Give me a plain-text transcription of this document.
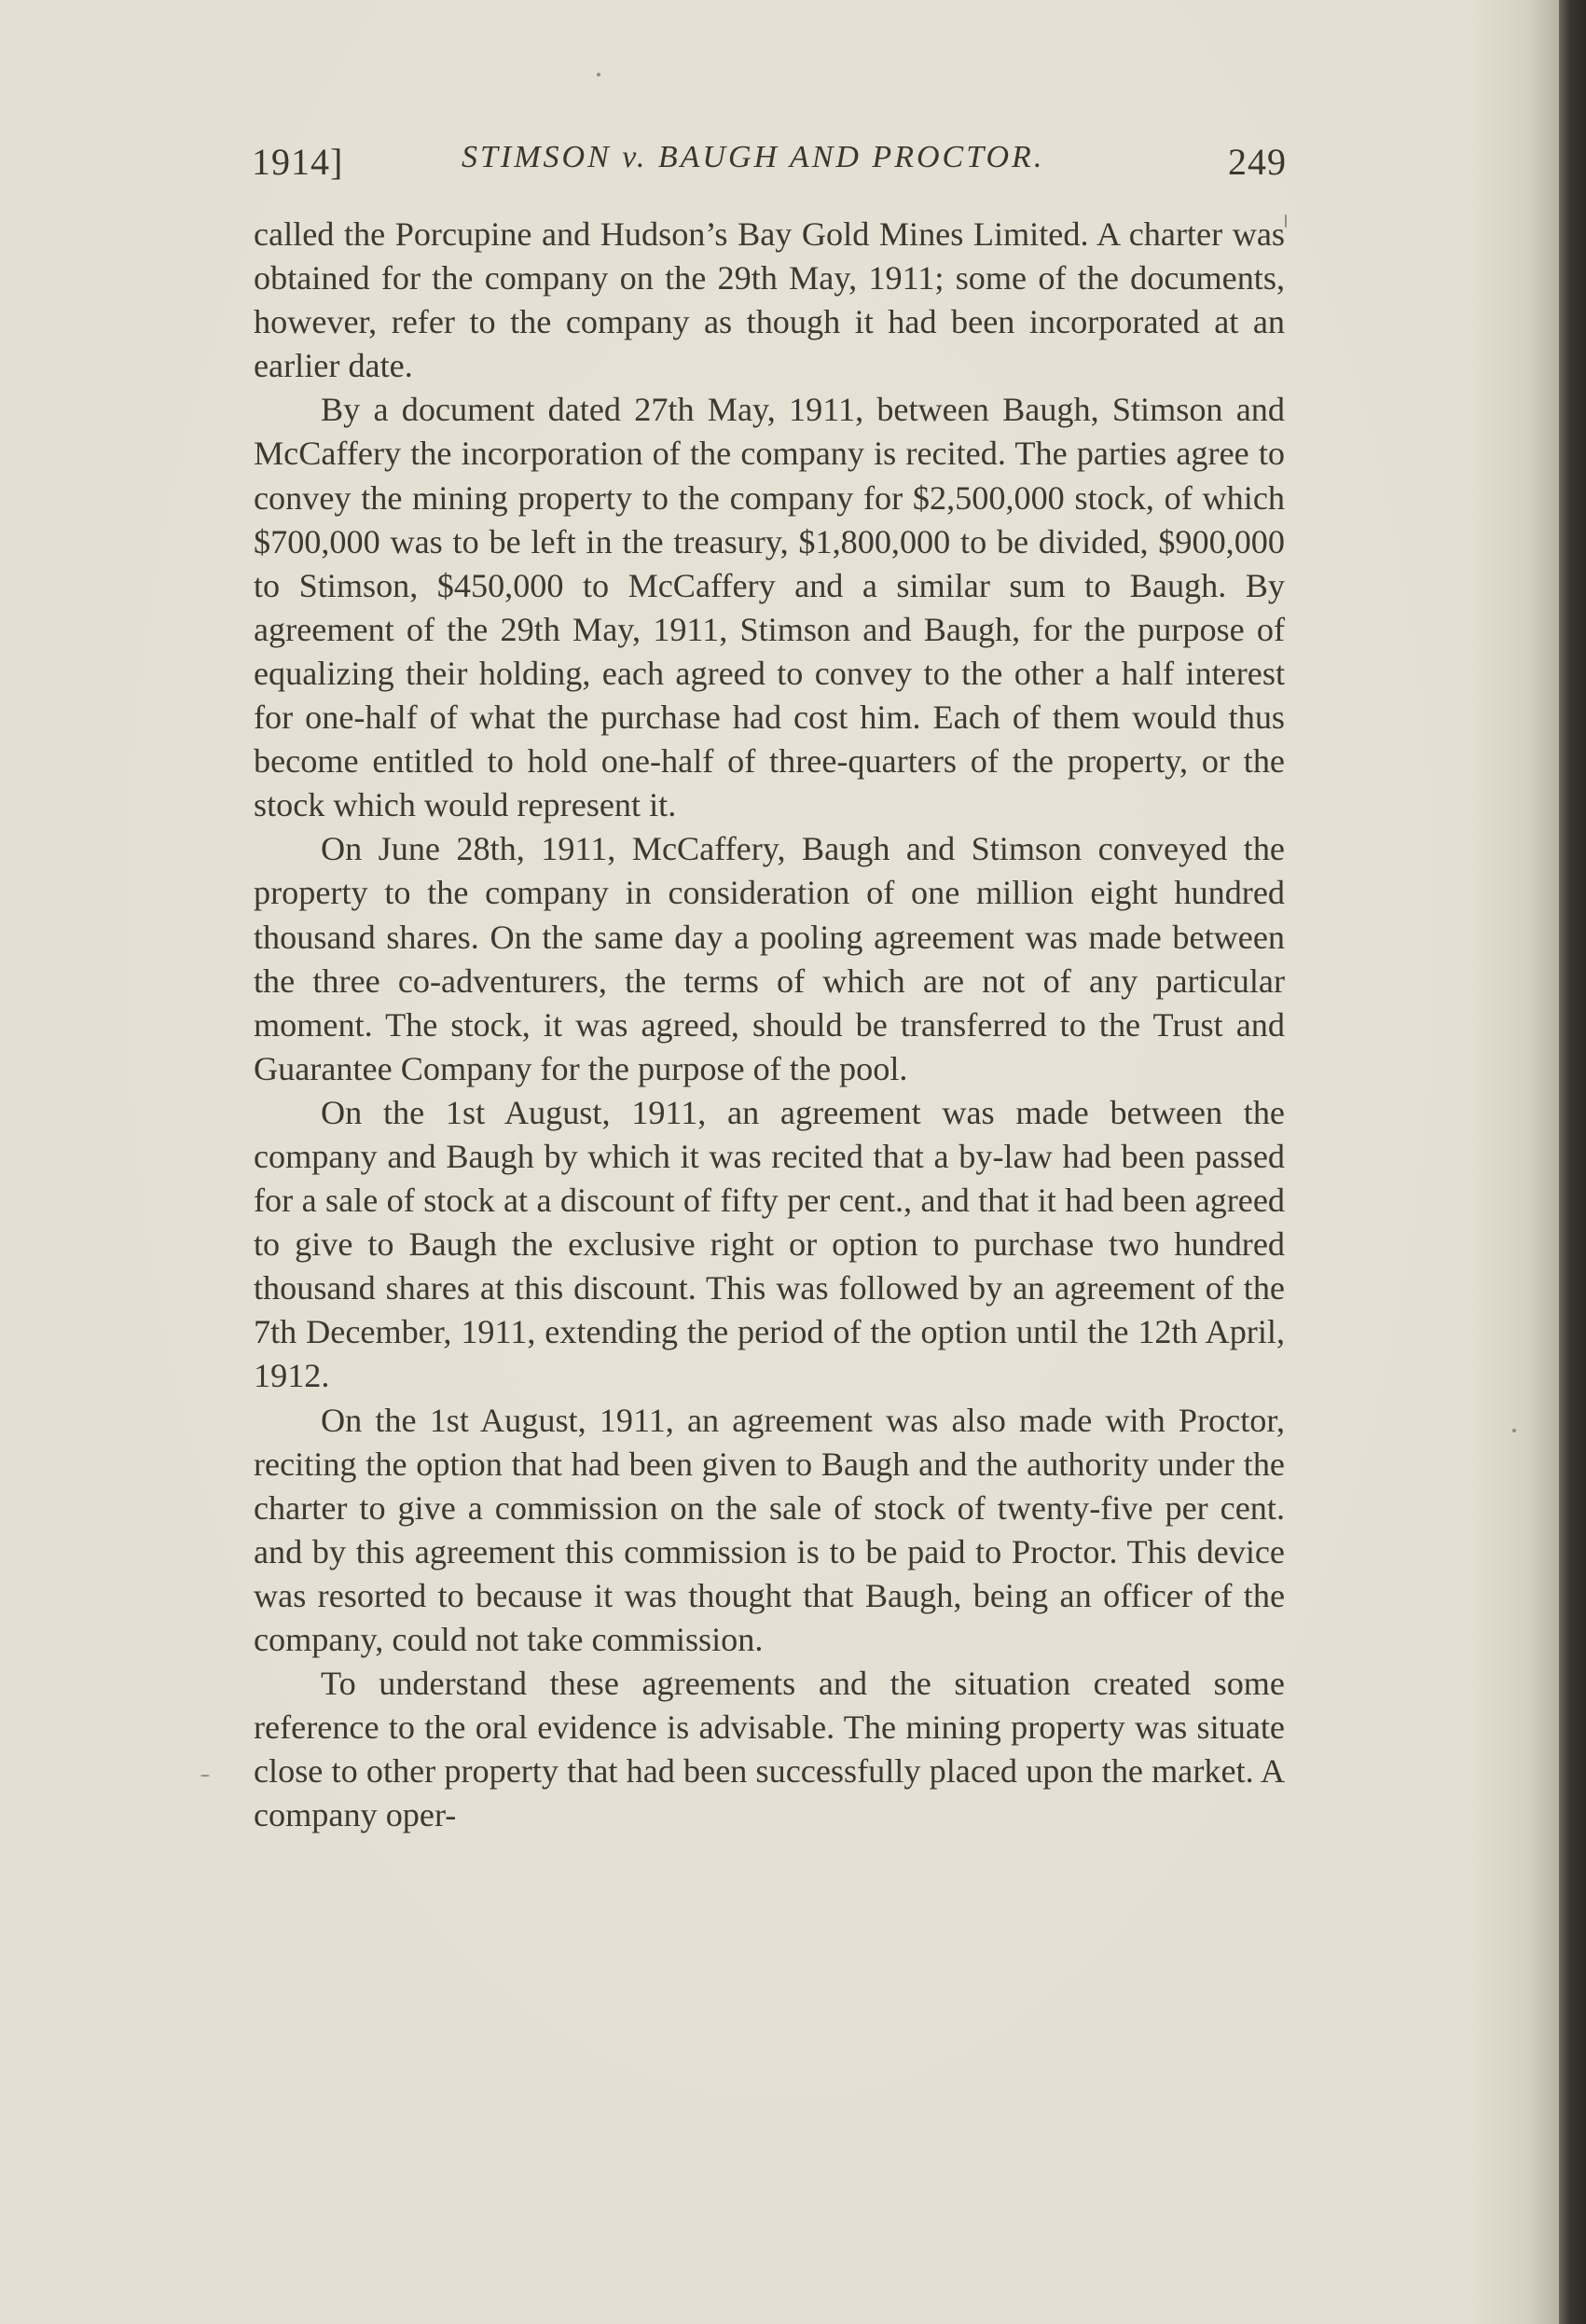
1914]	STIMSON v. BAUGH AND PROCTOR.	249

called the Porcupine and Hudson’s Bay Gold Mines Limited. A charter was obtained for the company on the 29th May, 1911; some of the documents, however, refer to the company as though it had been incorporated at an earlier date.

By a document dated 27th May, 1911, between Baugh, Stimson and McCaffery the incorporation of the company is recited. The parties agree to convey the mining property to the company for $2,500,000 stock, of which $700,000 was to be left in the treasury, $1,800,000 to be divided, $900,000 to Stimson, $450,000 to McCaffery and a similar sum to Baugh. By agreement of the 29th May, 1911, Stimson and Baugh, for the purpose of equalizing their holding, each agreed to convey to the other a half interest for one-half of what the purchase had cost him. Each of them would thus become entitled to hold one-half of three-quarters of the property, or the stock which would represent it.

On June 28th, 1911, McCaffery, Baugh and Stimson conveyed the property to the company in consideration of one million eight hundred thousand shares. On the same day a pooling agreement was made between the three co-adventurers, the terms of which are not of any particular moment. The stock, it was agreed, should be transferred to the Trust and Guarantee Company for the purpose of the pool.

On the 1st August, 1911, an agreement was made between the company and Baugh by which it was recited that a by-law had been passed for a sale of stock at a discount of fifty per cent., and that it had been agreed to give to Baugh the exclusive right or option to purchase two hundred thousand shares at this discount. This was followed by an agreement of the 7th December, 1911, extending the period of the option until the 12th April, 1912.

On the 1st August, 1911, an agreement was also made with Proctor, reciting the option that had been given to Baugh and the authority under the charter to give a commission on the sale of stock of twenty-five per cent. and by this agreement this commission is to be paid to Proctor. This device was resorted to because it was thought that Baugh, being an officer of the company, could not take commission.

To understand these agreements and the situation created some reference to the oral evidence is advisable. The mining property was situate close to other property that had been successfully placed upon the market. A company oper-
